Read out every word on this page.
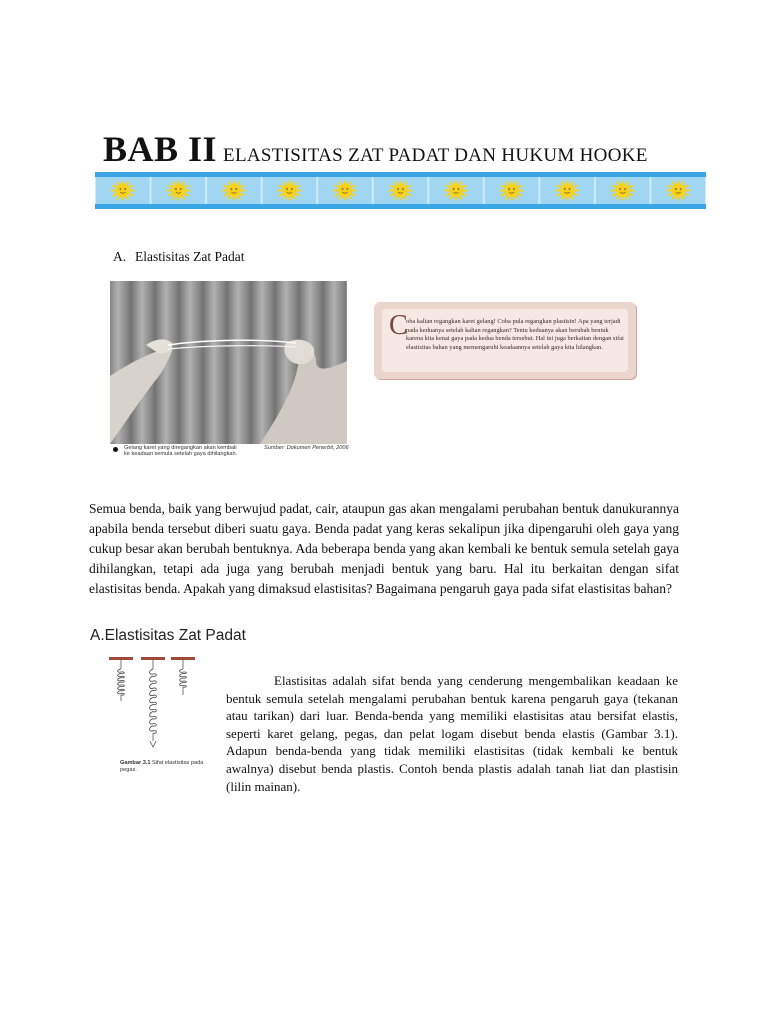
BAB II ELASTISITAS ZAT PADAT DAN HUKUM HOOKE
A. Elastisitas Zat Padat
Gelang karet yang diregangkan akan kembali ke keadaan semula setelah gaya dihilangkan.
Sumber: Dokumen Penerbit, 2006
C
oba kalian regangkan karet gelang! Coba pula regangkan plastisin! Apa yang terjadi pada keduanya setelah kalian regangkan? Tentu keduanya akan berubah bentuk karena kita kenai gaya pada kedua benda tersebut. Hal ini juga berkaitan dengan sifat elastisitas bahan yang memengaruhi keadaannya setelah gaya kita hilangkan.
Semua benda, baik yang berwujud padat, cair, ataupun gas akan mengalami perubahan bentuk danukurannya apabila benda tersebut diberi suatu gaya. Benda padat yang keras sekalipun jika dipengaruhi oleh gaya yang cukup besar akan berubah bentuknya. Ada beberapa benda yang akan kembali ke bentuk semula setelah gaya dihilangkan, tetapi ada juga yang berubah menjadi bentuk yang baru. Hal itu berkaitan dengan sifat elastisitas benda. Apakah yang dimaksud elastisitas? Bagaimana pengaruh gaya pada sifat elastisitas bahan?
A.Elastisitas Zat Padat
Gambar 3.1 Sifat elastisitas pada pegas.
Elastisitas adalah sifat benda yang cenderung mengembalikan keadaan ke bentuk semula setelah mengalami perubahan bentuk karena pengaruh gaya (tekanan atau tarikan) dari luar. Benda-benda yang memiliki elastisitas atau bersifat elastis, seperti karet gelang, pegas, dan pelat logam disebut benda elastis (Gambar 3.1). Adapun benda-benda yang tidak memiliki elastisitas (tidak kembali ke bentuk awalnya) disebut benda plastis. Contoh benda plastis adalah tanah liat dan plastisin (lilin mainan).
